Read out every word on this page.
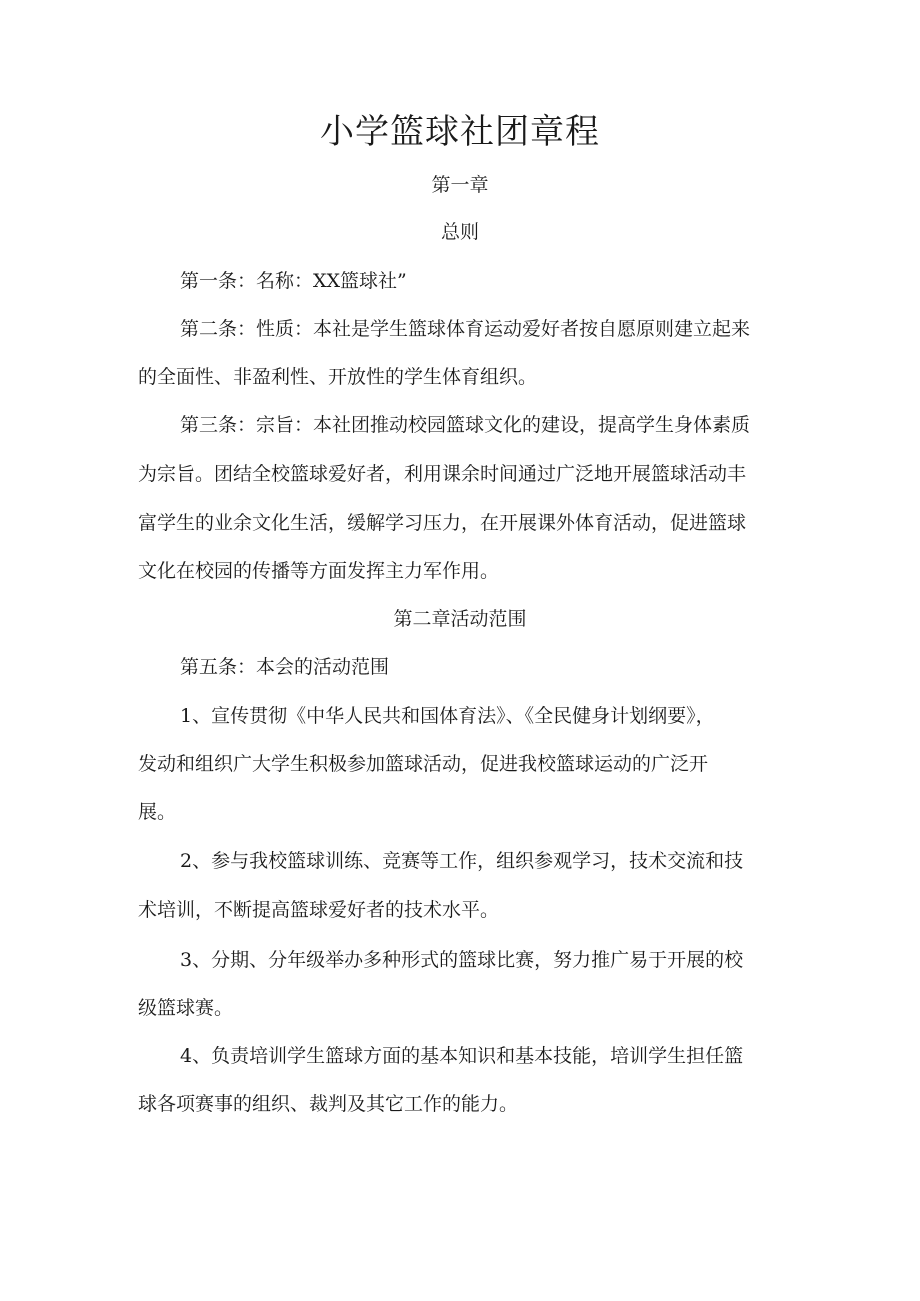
小学篮球社团章程
第一章
总则
第一条：名称：XX篮球社”
第二条：性质：本社是学生篮球体育运动爱好者按自愿原则建立起来
的全面性、非盈利性、开放性的学生体育组织。
第三条：宗旨：本社团推动校园篮球文化的建设，提高学生身体素质
为宗旨。团结全校篮球爱好者，利用课余时间通过广泛地开展篮球活动丰
富学生的业余文化生活，缓解学习压力，在开展课外体育活动，促进篮球
文化在校园的传播等方面发挥主力军作用。
第二章活动范围
第五条：本会的活动范围
1、宣传贯彻《中华人民共和国体育法》、《全民健身计划纲要》，
发动和组织广大学生积极参加篮球活动，促进我校篮球运动的广泛开
展。
2、参与我校篮球训练、竞赛等工作，组织参观学习，技术交流和技
术培训，不断提高篮球爱好者的技术水平。
3、分期、分年级举办多种形式的篮球比赛，努力推广易于开展的校
级篮球赛。
4、负责培训学生篮球方面的基本知识和基本技能，培训学生担任篮
球各项赛事的组织、裁判及其它工作的能力。
